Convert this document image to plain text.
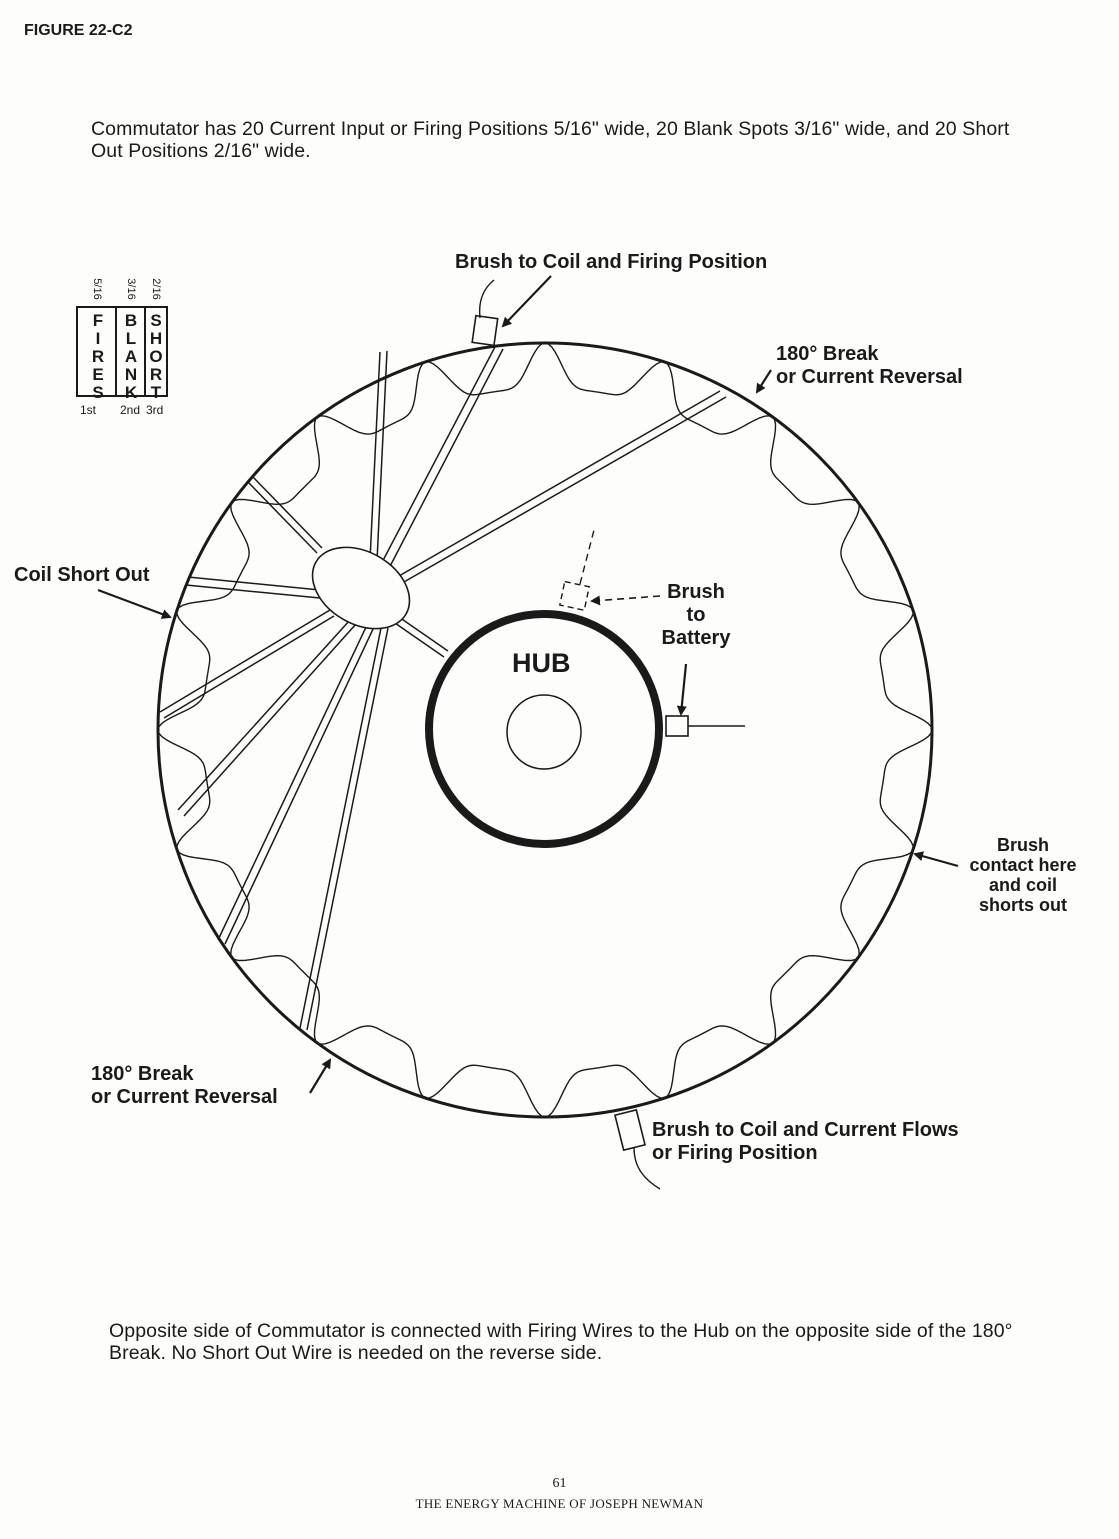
FIGURE 22-C2
Commutator has 20 Current Input or Firing Positions 5/16" wide, 20 Blank Spots 3/16" wide, and 20 Short Out Positions 2/16" wide.
5/16 3/16 2/16
FIRES BLANK SHORT
1st 2nd 3rd
Brush to Coil and Firing Position
180° Break
or Current Reversal
Coil Short Out
Brush
to
Battery
HUB
Brush
contact here
and coil
shorts out
180° Break
or Current Reversal
Brush to Coil and Current Flows
or Firing Position
Opposite side of Commutator is connected with Firing Wires to the Hub on the opposite side of the 180° Break. No Short Out Wire is needed on the reverse side.
61
THE ENERGY MACHINE OF JOSEPH NEWMAN
